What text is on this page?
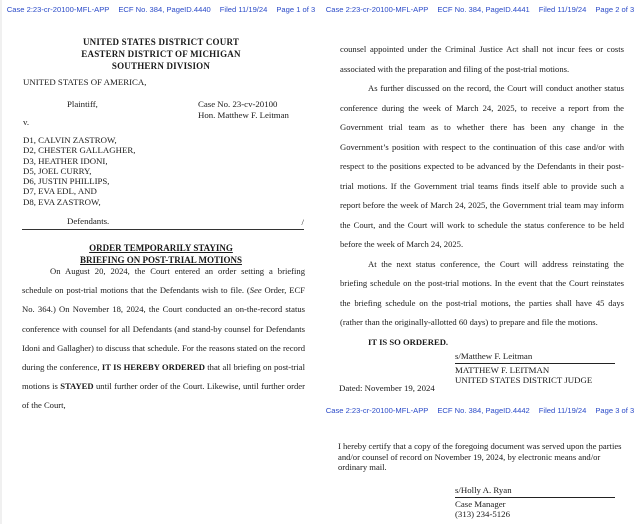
Case 2:23-cr-20100-MFL-APP ECF No. 384, PageID.4440 Filed 11/19/24 Page 1 of 3
UNITED STATES DISTRICT COURT
EASTERN DISTRICT OF MICHIGAN
SOUTHERN DIVISION
UNITED STATES OF AMERICA,
Plaintiff,	Case No. 23-cv-20100
Hon. Matthew F. Leitman
v.
D1, CALVIN ZASTROW,
D2, CHESTER GALLAGHER,
D3, HEATHER IDONI,
D5, JOEL CURRY,
D6, JUSTIN PHILLIPS,
D7, EVA EDL, AND
D8, EVA ZASTROW,
Defendants.	/
ORDER TEMPORARILY STAYING
BRIEFING ON POST-TRIAL MOTIONS

On August 20, 2024, the Court entered an order setting a briefing schedule on post-trial motions that the Defendants wish to file. (See Order, ECF No. 364.) On November 18, 2024, the Court conducted an on-the-record status conference with counsel for all Defendants (and stand-by counsel for Defendants Idoni and Gallagher) to discuss that schedule. For the reasons stated on the record during the conference, IT IS HEREBY ORDERED that all briefing on post-trial motions is STAYED until further order of the Court. Likewise, until further order of the Court,

Case 2:23-cr-20100-MFL-APP ECF No. 384, PageID.4441 Filed 11/19/24 Page 2 of 3

counsel appointed under the Criminal Justice Act shall not incur fees or costs associated with the preparation and filing of the post-trial motions.

As further discussed on the record, the Court will conduct another status conference during the week of March 24, 2025, to receive a report from the Government trial team as to whether there has been any change in the Government’s position with respect to the continuation of this case and/or with respect to the positions expected to be advanced by the Defendants in their post-trial motions. If the Government trial teams finds itself able to provide such a report before the week of March 24, 2025, the Government trial team may inform the Court, and the Court will work to schedule the status conference to be held before the week of March 24, 2025.

At the next status conference, the Court will address reinstating the briefing schedule on the post-trial motions. In the event that the Court reinstates the briefing schedule on the post-trial motions, the parties shall have 45 days (rather than the originally-allotted 60 days) to prepare and file the motions.

IT IS SO ORDERED.

s/Matthew F. Leitman
MATTHEW F. LEITMAN
UNITED STATES DISTRICT JUDGE
Dated: November 19, 2024
Case 2:23-cr-20100-MFL-APP ECF No. 384, PageID.4442 Filed 11/19/24 Page 3 of 3
I hereby certify that a copy of the foregoing document was served upon the parties and/or counsel of record on November 19, 2024, by electronic means and/or ordinary mail.
s/Holly A. Ryan
Case Manager
(313) 234-5126
